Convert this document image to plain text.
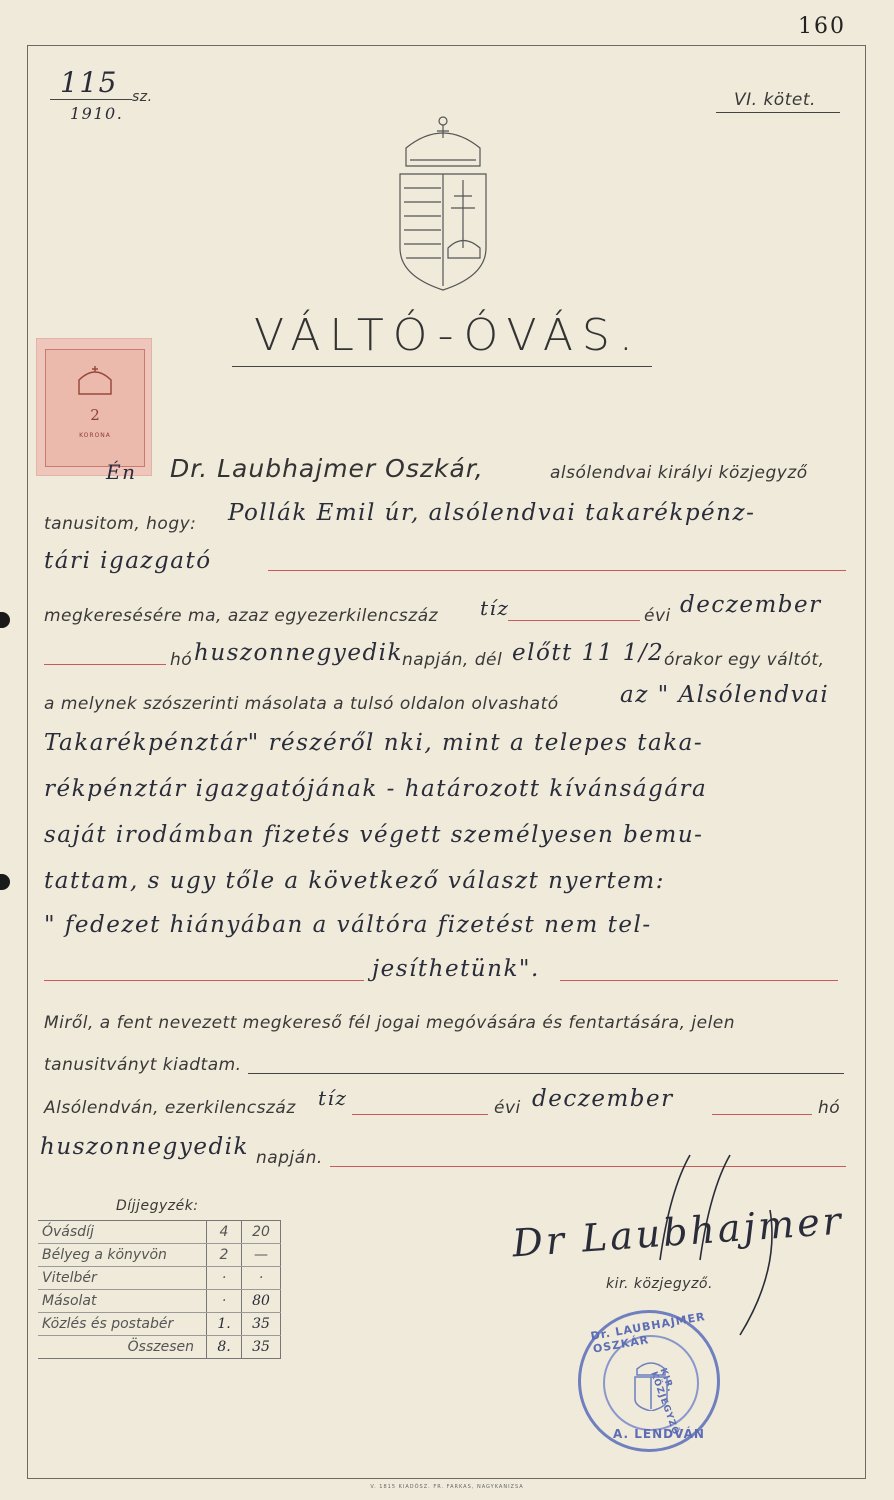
160
115 sz.
1910.
VI. kötet.
VÁLTÓ-ÓVÁS.
2
KORONA
Én Dr. Laubhajmer Oszkár,	alsólendvai királyi közjegyző
tanusitom, hogy: Pollák Emil úr, alsólendvai takarékpénz-
tári igazgató
megkeresésére ma, azaz egyezerkilencszáz tíz	évi deczember
hó huszonnegyedik napján, dél előtt 11 1/2 órakor egy váltót,
a melynek szószerinti másolata a tulsó oldalon olvasható	az " Alsólendvai
Takarékpénztár" részéről nki, mint a telepes taka-
rékpénztár igazgatójának - határozott kívánságára
saját irodámban fizetés végett személyesen bemu-
tattam, s ugy tőle a következő választ nyertem:
" fedezet hiányában a váltóra fizetést nem tel-
jesíthetünk".
Miről, a fent nevezett megkereső fél jogai megóvására és fentartására, jelen
tanusitványt kiadtam.
Alsólendván, ezerkilencszáz tíz	évi deczember	hó
huszonnegyedik napján.
Díjjegyzék:
Óvásdíj	4	20
Bélyeg a könyvön	2	—
Vitelbér	·	·
Másolat	·	80
Közlés és postabér	1.	35
Összesen	8.	35
Dr Laubhajmer
kir. közjegyző.
Dr. LAUBHAJMER OSZKÁR
KIR. KÖZJEGYZŐ
A. LENDVÁN
V. 1815 KIADÓSZ. FR. FARKAS, NAGYKANIZSA
